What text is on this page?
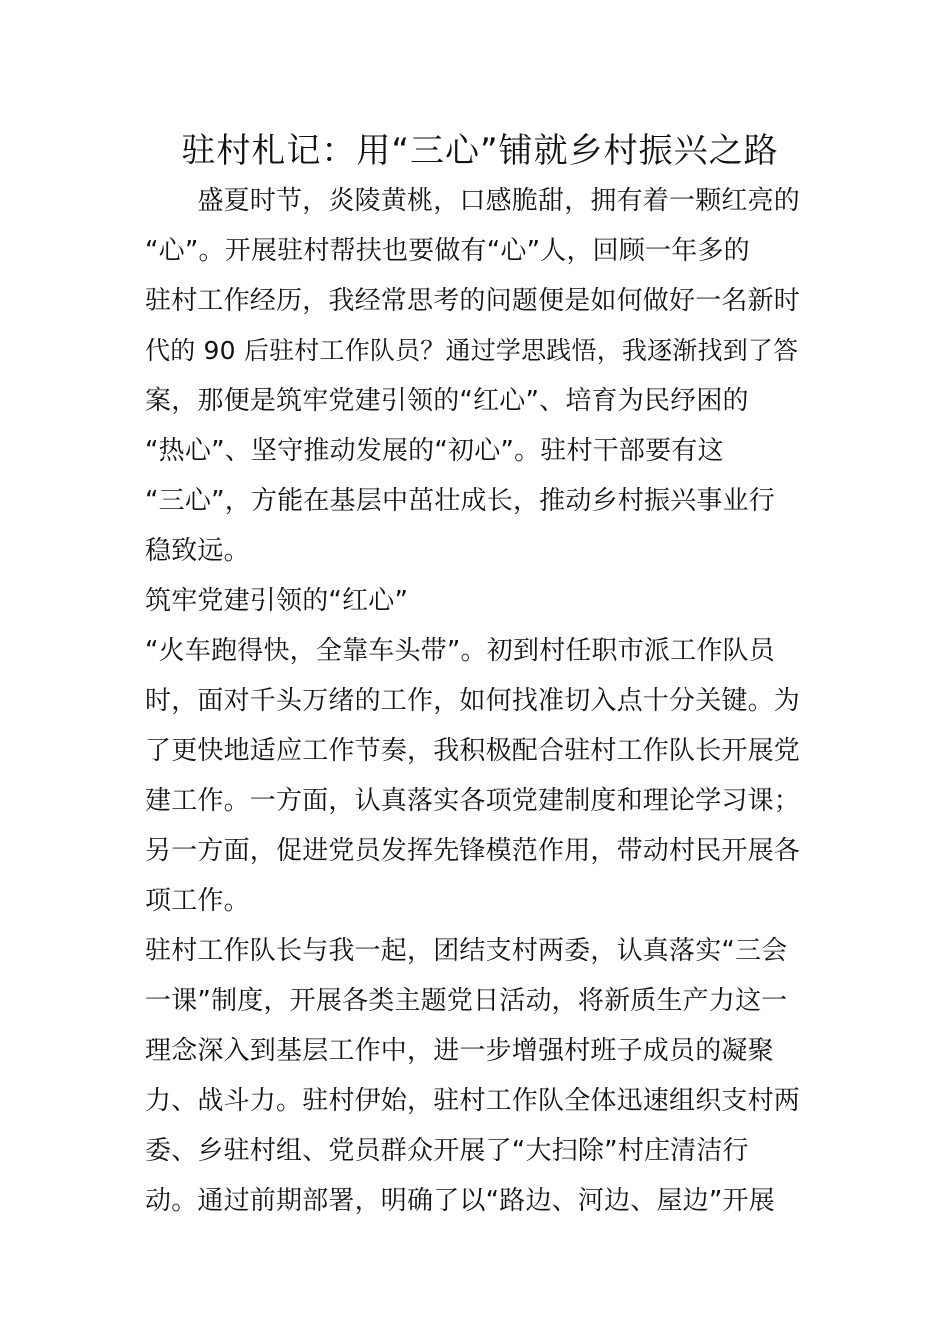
驻村札记：用“三心”铺就乡村振兴之路
　　盛夏时节，炎陵黄桃，口感脆甜，拥有着一颗红亮的
“心”。开展驻村帮扶也要做有“心”人，回顾一年多的
驻村工作经历，我经常思考的问题便是如何做好一名新时
代的 90 后驻村工作队员？通过学思践悟，我逐渐找到了答
案，那便是筑牢党建引领的“红心”、培育为民纾困的
“热心”、坚守推动发展的“初心”。驻村干部要有这
“三心”，方能在基层中茁壮成长，推动乡村振兴事业行
稳致远。
筑牢党建引领的“红心”
“火车跑得快，全靠车头带”。初到村任职市派工作队员
时，面对千头万绪的工作，如何找准切入点十分关键。为
了更快地适应工作节奏，我积极配合驻村工作队长开展党
建工作。一方面，认真落实各项党建制度和理论学习课；
另一方面，促进党员发挥先锋模范作用，带动村民开展各
项工作。
驻村工作队长与我一起，团结支村两委，认真落实“三会
一课”制度，开展各类主题党日活动，将新质生产力这一
理念深入到基层工作中，进一步增强村班子成员的凝聚
力、战斗力。驻村伊始，驻村工作队全体迅速组织支村两
委、乡驻村组、党员群众开展了“大扫除”村庄清洁行
动。通过前期部署，明确了以“路边、河边、屋边”开展
